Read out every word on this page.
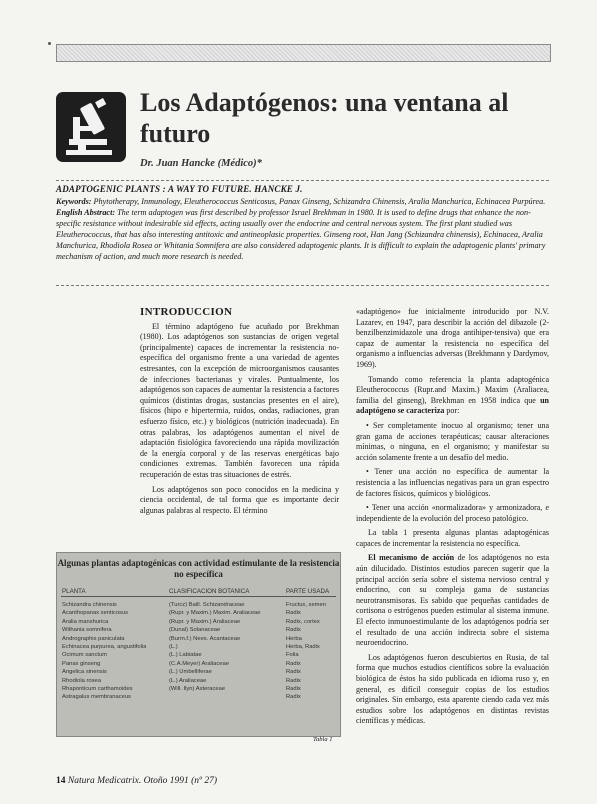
Los Adaptógenos: una ventana al futuro
Dr. Juan Hancke (Médico)*

ADAPTOGENIC PLANTS : A WAY TO FUTURE. HANCKE J.

Keywords: Phytotherapy, Inmunology, Eleutherococcus Senticosus, Panax Ginseng, Schizandra Chinensis, Aralia Manchurica, Echinacea Purpúrea.

English Abstract: The term adaptogen was first described by professor Israel Brekhman in 1980. It is used to define drugs that enhance the non-specific resistance without indesirable sid effects, acting usually over the endocrine and central nervous system. The first plant studied was Eleutherococcus, that has also interesting antitoxic and antineoplasic properties. Ginseng root, Han Jang (Schizandra chinensis), Echinacea, Aralia Manchurica, Rhodiola Rosea or Whitania Somnifera are also considered adaptogenic plants. It is difficult to explain the adaptogenic plants' primary mechanism of action, and much more research is needed.

INTRODUCCION

El término adaptógeno fue acuñado por Brekhman (1980). Los adaptógenos son sustancias de origen vegetal (principalmente) capaces de incrementar la resistencia no-específica del organismo frente a una variedad de agentes estresantes, con la excepción de microorganismos causantes de infecciones bacterianas y virales. Puntualmente, los adaptógenos son capaces de aumentar la resistencia a factores químicos (distintas drogas, sustancias presentes en el aire), físicos (hipo e hipertermia, ruidos, ondas, radiaciones, gran esfuerzo físico, etc.) y biológicos (nutrición inadecuada). En otras palabras, los adaptógenos aumentan el nivel de adaptación fisiológica favoreciendo una rápida movilización de la energía corporal y de las reservas energéticas bajo condiciones extremas. También favorecen una rápida recuperación de estas tras situaciones de estrés.

Los adaptógenos son poco conocidos en la medicina y ciencia occidental, de tal forma que es importante decir algunas palabras al respecto. El término

«adaptógeno» fue inicialmente introducido por N.V. Lazarev, en 1947, para describir la acción del dibazole (2-benzilbenzimidazole una droga antihiper-tensiva) que era capaz de aumentar la resistencia no específica del organismo a influencias adversas (Brekhmann y Dardymov, 1969).

Tomando como referencia la planta adaptogénica Eleutherococcus (Rupr.and Maxim.) Maxim (Araliacea, familia del ginseng), Brekhman en 1958 indica que un adaptógeno se caracteriza por:

• Ser completamente inocuo al organismo; tener una gran gama de acciones terapéuticas; causar alteraciones mínimas, o ninguna, en el organismo; y manifestar su acción solamente frente a un desafío del medio.

• Tener una acción no específica de aumentar la resistencia a las influencias negativas para un gran espectro de factores físicos, químicos y biológicos.

• Tener una acción «normalizadora» y armonizadora, e independiente de la evolución del proceso patológico.

La tabla 1 presenta algunas plantas adaptogénicas capaces de incrementar la resistencia no específica.

El mecanismo de acción de los adaptógenos no esta aún dilucidado. Distintos estudios parecen sugerir que la principal acción sería sobre el sistema nervioso central y endocrino, con su compleja gama de sustancias neurotransmisoras. Es sabido que pequeñas cantidades de cortisona o estrógenos pueden estimular al sistema inmune. El efecto inmunoestimulante de los adaptógenos podría ser el resultado de una acción indirecta sobre el sistema neuroendocrino.

Los adaptógenos fueron descubiertos en Rusia, de tal forma que muchos estudios científicos sobre la evaluación biológica de éstos ha sido publicada en idioma ruso y, en general, es difícil conseguir copias de los estudios originales. Sin embargo, esta aparente ciendo cada vez más estudios sobre los adaptógenos en distintas revistas científicas y médicas.

Algunas plantas adaptogénicas con actividad estimulante de la resistencia no específica
PLANTA	CLASIFICACION BOTANICA	PARTE USADA
Schizandra chinensis
Acanthopanax senticosus
Aralia manshurica
Withania somnifera
Andrographis paniculata
Echinacea purpurea, angustifolia
Ocimum sanctum
Panax ginseng
Angelica sinensis
Rhodiola rosea
Rhaponticum carthamoides
Astragalus membranaceus
(Turcz) Baill. Schizandraceae
(Rupr. y Maxim.) Maxim. Araliaceae
(Rupr. y Maxim.) Araliaceae
(Dunal) Solanaceae
(Burm.f.) Nees. Acantaceae
(L.)
(L.) Labiatae
(C.A.Meyer) Araliaceae
(L.) Umbelliferae
(L.) Araliaceae
(Will. Ilyn) Asteraceae
Fructus, semen
Radix
Radix, cortex
Radix
Herba
Herba, Radix
Folia
Radix
Radix
Radix
Radix
Radix
Tabla 1
14 Natura Medicatrix. Otoño 1991 (nº 27)
